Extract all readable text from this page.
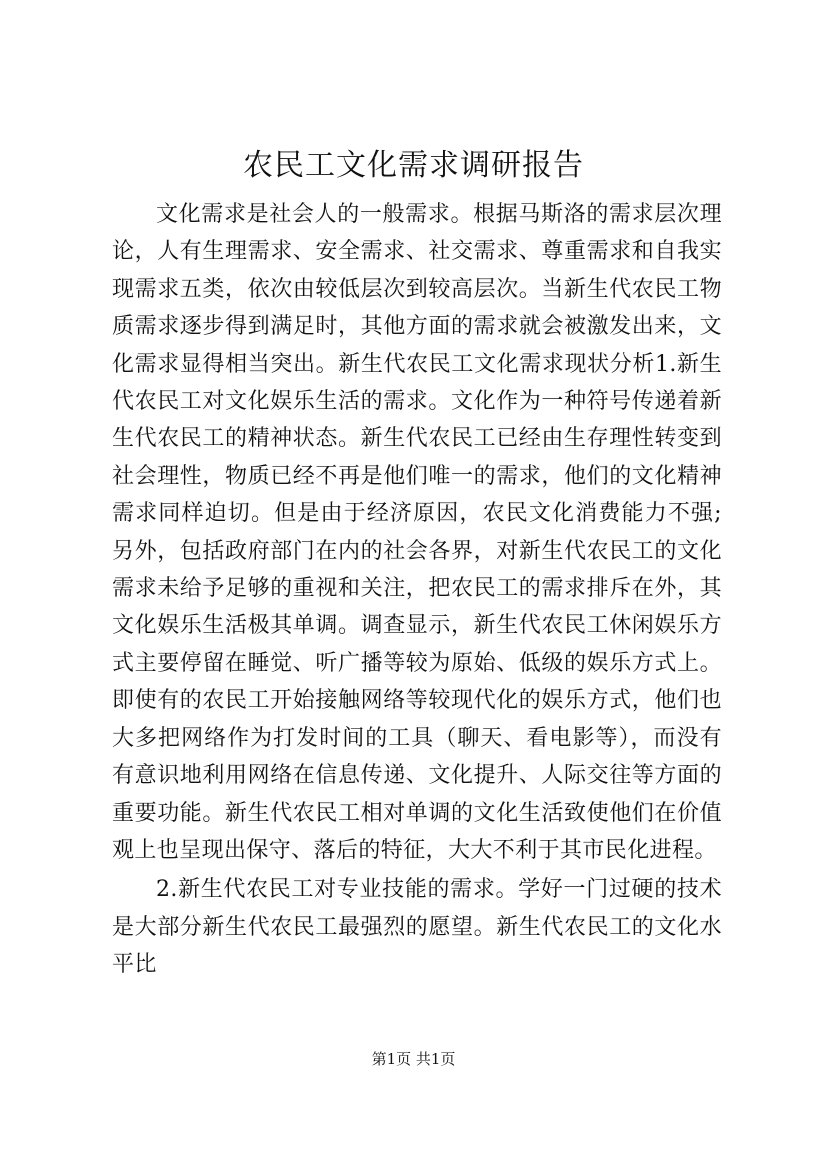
农民工文化需求调研报告

文化需求是社会人的一般需求。根据马斯洛的需求层次理论，人有生理需求、安全需求、社交需求、尊重需求和自我实现需求五类，依次由较低层次到较高层次。当新生代农民工物质需求逐步得到满足时，其他方面的需求就会被激发出来，文化需求显得相当突出。新生代农民工文化需求现状分析1.新生代农民工对文化娱乐生活的需求。文化作为一种符号传递着新生代农民工的精神状态。新生代农民工已经由生存理性转变到社会理性，物质已经不再是他们唯一的需求，他们的文化精神需求同样迫切。但是由于经济原因，农民文化消费能力不强;另外，包括政府部门在内的社会各界，对新生代农民工的文化需求未给予足够的重视和关注，把农民工的需求排斥在外，其文化娱乐生活极其单调。调查显示，新生代农民工休闲娱乐方式主要停留在睡觉、听广播等较为原始、低级的娱乐方式上。即使有的农民工开始接触网络等较现代化的娱乐方式，他们也大多把网络作为打发时间的工具（聊天、看电影等），而没有有意识地利用网络在信息传递、文化提升、人际交往等方面的重要功能。新生代农民工相对单调的文化生活致使他们在价值观上也呈现出保守、落后的特征，大大不利于其市民化进程。

2.新生代农民工对专业技能的需求。学好一门过硬的技术是大部分新生代农民工最强烈的愿望。新生代农民工的文化水平比

第1页 共1页
